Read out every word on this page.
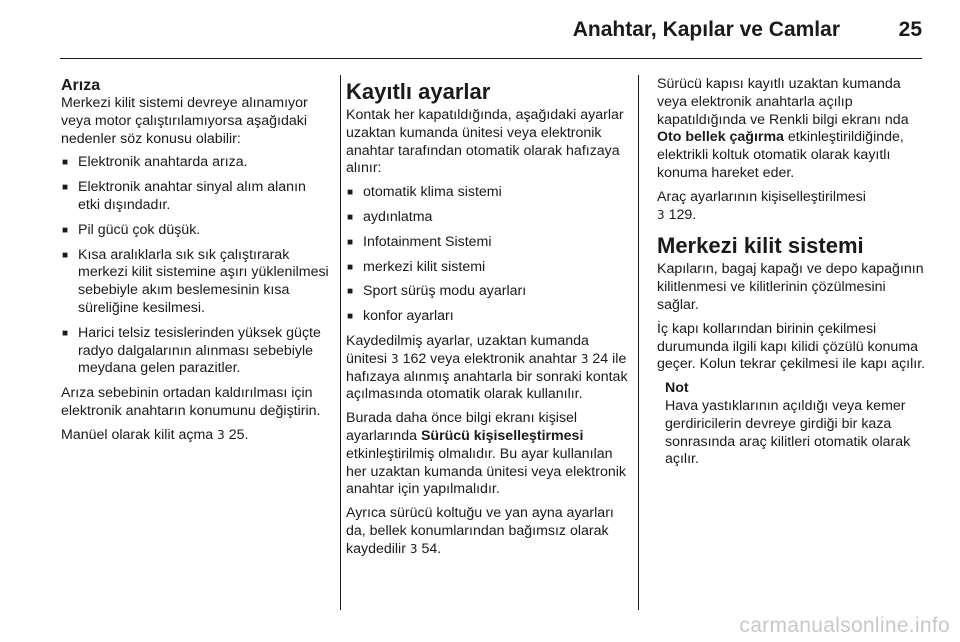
Anahtar, Kapılar ve Camlar	25

Arıza

Merkezi kilit sistemi devreye alınamıyor veya motor çalıştırılamıyorsa aşağıdaki nedenler söz konusu olabilir:

■ Elektronik anahtarda arıza.
■ Elektronik anahtar sinyal alım alanın etki dışındadır.
■ Pil gücü çok düşük.
■ Kısa aralıklarla sık sık çalıştırarak merkezi kilit sistemine aşırı yüklenilmesi sebebiyle akım beslemesinin kısa süreliğine kesilmesi.
■ Harici telsiz tesislerinden yüksek güçte radyo dalgalarının alınması sebebiyle meydana gelen parazitler.

Arıza sebebinin ortadan kaldırılması için elektronik anahtarın konumunu değiştirin.

Manüel olarak kilit açma 3 25.

Kayıtlı ayarlar

Kontak her kapatıldığında, aşağıdaki ayarlar uzaktan kumanda ünitesi veya elektronik anahtar tarafından otomatik olarak hafızaya alınır:

■ otomatik klima sistemi
■ aydınlatma
■ Infotainment Sistemi
■ merkezi kilit sistemi
■ Sport sürüş modu ayarları
■ konfor ayarları

Kaydedilmiş ayarlar, uzaktan kumanda ünitesi 3 162 veya elektronik anahtar 3 24 ile hafızaya alınmış anahtarla bir sonraki kontak açılmasında otomatik olarak kullanılır.

Burada daha önce bilgi ekranı kişisel ayarlarında Sürücü kişiselleştirmesi etkinleştirilmiş olmalıdır. Bu ayar kullanılan her uzaktan kumanda ünitesi veya elektronik anahtar için yapılmalıdır.

Ayrıca sürücü koltuğu ve yan ayna ayarları da, bellek konumlarından bağımsız olarak kaydedilir 3 54.

Sürücü kapısı kayıtlı uzaktan kumanda veya elektronik anahtarla açılıp kapatıldığında ve Renkli bilgi ekranı nda Oto bellek çağırma etkinleştirildiğinde, elektrikli koltuk otomatik olarak kayıtlı konuma hareket eder.

Araç ayarlarının kişiselleştirilmesi
3 129.

Merkezi kilit sistemi

Kapıların, bagaj kapağı ve depo kapağının kilitlenmesi ve kilitlerinin çözülmesini sağlar.

İç kapı kollarından birinin çekilmesi durumunda ilgili kapı kilidi çözülü konuma geçer. Kolun tekrar çekilmesi ile kapı açılır.

Not
Hava yastıklarının açıldığı veya kemer gerdiricilerin devreye girdiği bir kaza sonrasında araç kilitleri otomatik olarak açılır.
carmanualsonline.info
